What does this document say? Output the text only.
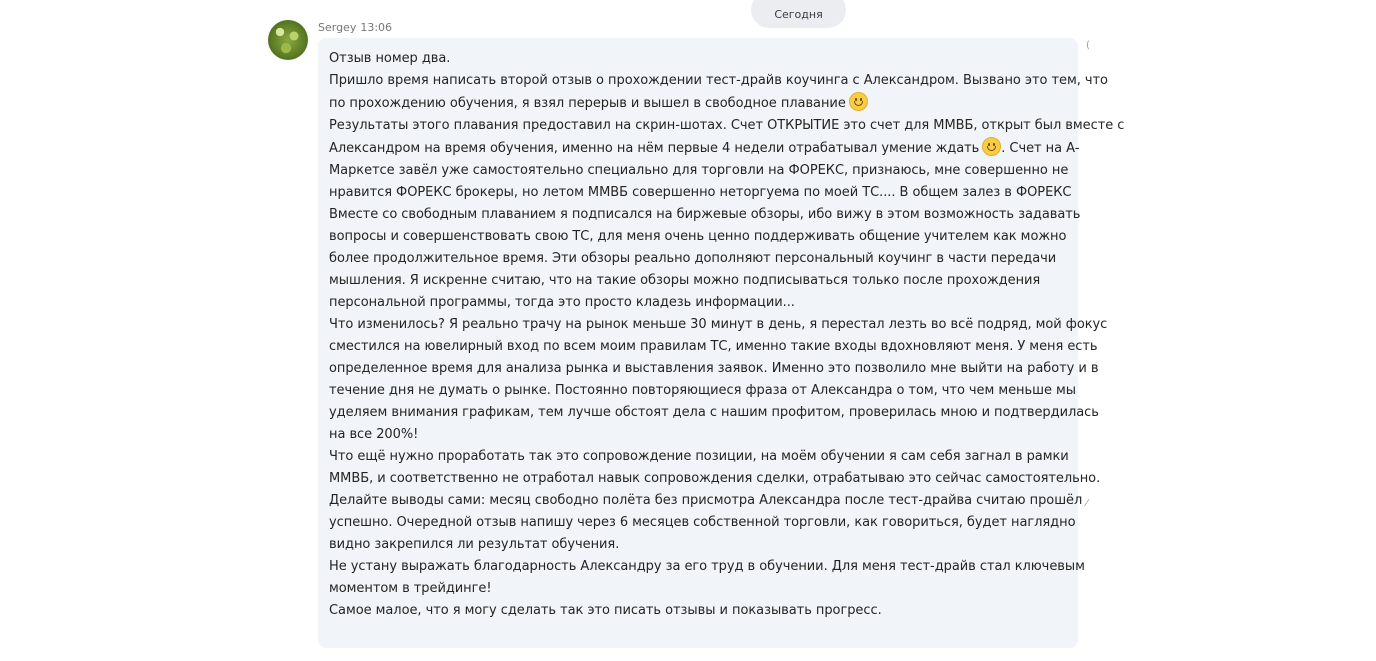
Сегодня
Sergey 13:06
Отзыв номер два.
Пришло время написать второй отзыв о прохождении тест-драйв коучинга с Александром. Вызвано это тем, что
по прохождению обучения, я взял перерыв и вышел в свободное плавание
Результаты этого плавания предоставил на скрин-шотах. Счет ОТКРЫТИЕ это счет для ММВБ, открыт был вместе с
Александром на время обучения, именно на нём первые 4 недели отрабатывал умение ждать . Счет на А-
Маркетсе завёл уже самостоятельно специально для торговли на ФОРЕКС, признаюсь, мне совершенно не
нравится ФОРЕКС брокеры, но летом ММВБ совершенно неторгуема по моей ТС.... В общем залез в ФОРЕКС
Вместе со свободным плаванием я подписался на биржевые обзоры, ибо вижу в этом возможность задавать
вопросы и совершенствовать свою ТС, для меня очень ценно поддерживать общение учителем как можно
более продолжительное время. Эти обзоры реально дополняют персональный коучинг в части передачи
мышления. Я искренне считаю, что на такие обзоры можно подписываться только после прохождения
персональной программы, тогда это просто кладезь информации...
Что изменилось? Я реально трачу на рынок меньше 30 минут в день, я перестал лезть во всё подряд, мой фокус
сместился на ювелирный вход по всем моим правилам ТС, именно такие входы вдохновляют меня. У меня есть
определенное время для анализа рынка и выставления заявок. Именно это позволило мне выйти на работу и в
течение дня не думать о рынке. Постоянно повторяющиеся фраза от Александра о том, что чем меньше мы
уделяем внимания графикам, тем лучше обстоят дела с нашим профитом, проверилась мною и подтвердилась
на все 200%!
Что ещё нужно проработать так это сопровождение позиции, на моём обучении я сам себя загнал в рамки
ММВБ, и соответственно не отработал навык сопровождения сделки, отрабатываю это сейчас самостоятельно.
Делайте выводы сами: месяц свободно полёта без присмотра Александра после тест-драйва считаю прошёл
успешно. Очередной отзыв напишу через 6 месяцев собственной торговли, как говориться, будет наглядно
видно закрепился ли результат обучения.
Не устану выражать благодарность Александру за его труд в обучении. Для меня тест-драйв стал ключевым
моментом в трейдинге!
Самое малое, что я могу сделать так это писать отзывы и показывать прогресс.
(
⁄
